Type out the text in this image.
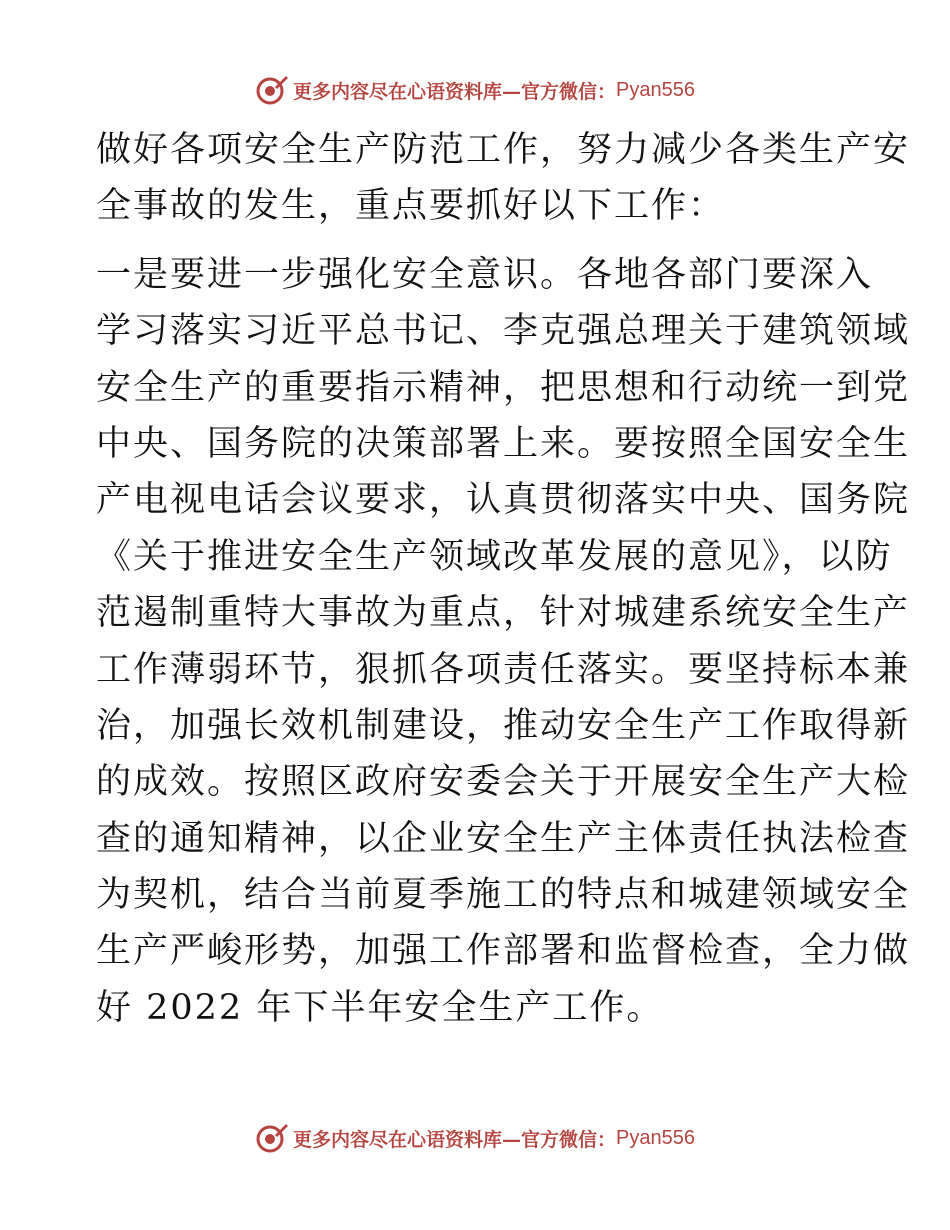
更多内容尽在心语资料库—官方微信： Pyan556
做好各项安全生产防范工作，努力减少各类生产安
全事故的发生，重点要抓好以下工作：
一是要进一步强化安全意识。各地各部门要深入
学习落实习近平总书记、李克强总理关于建筑领域
安全生产的重要指示精神，把思想和行动统一到党
中央、国务院的决策部署上来。要按照全国安全生
产电视电话会议要求，认真贯彻落实中央、国务院
《关于推进安全生产领域改革发展的意见》，以防
范遏制重特大事故为重点，针对城建系统安全生产
工作薄弱环节，狠抓各项责任落实。要坚持标本兼
治，加强长效机制建设，推动安全生产工作取得新
的成效。按照区政府安委会关于开展安全生产大检
查的通知精神，以企业安全生产主体责任执法检查
为契机，结合当前夏季施工的特点和城建领域安全
生产严峻形势，加强工作部署和监督检查，全力做
好 2022 年下半年安全生产工作。
更多内容尽在心语资料库—官方微信： Pyan556
